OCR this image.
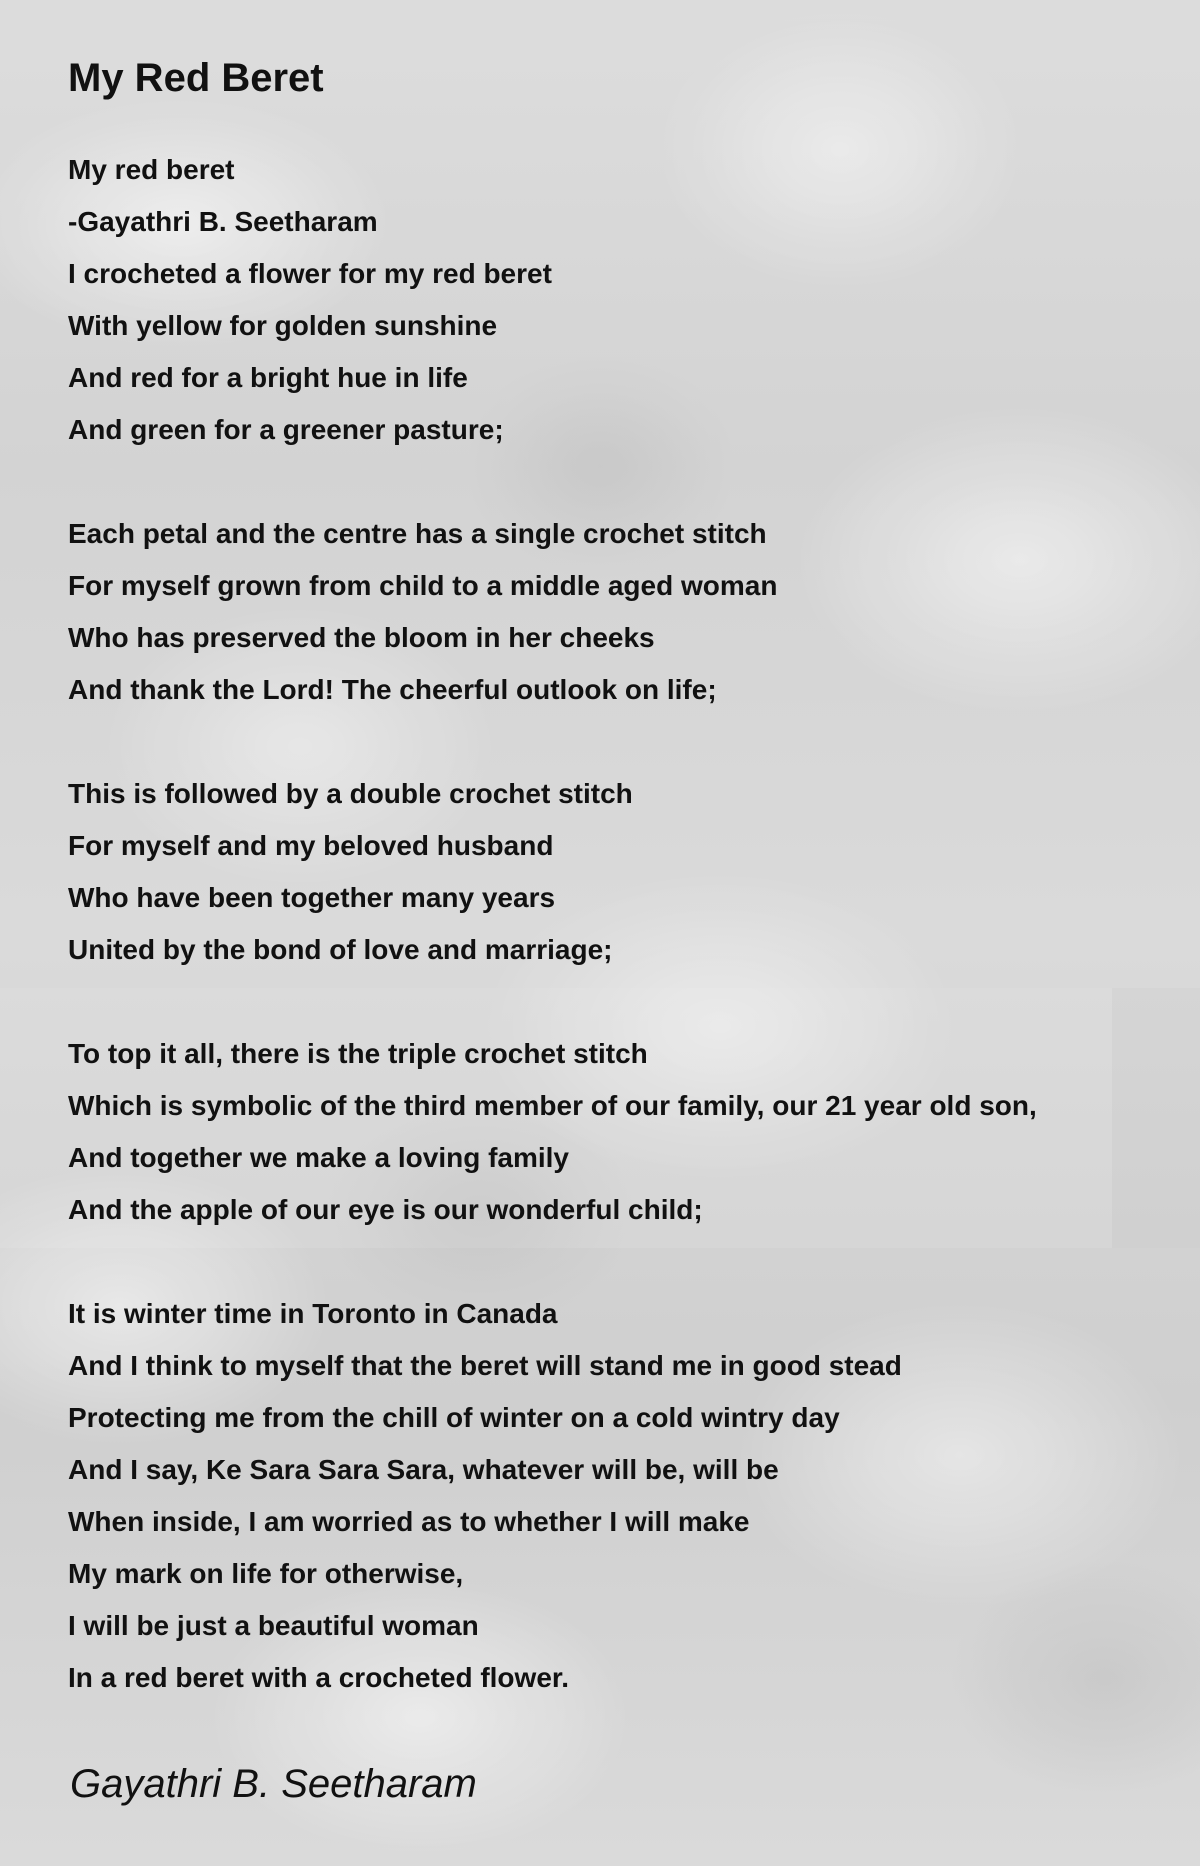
My Red Beret
My red beret
-Gayathri B. Seetharam
I crocheted a flower for my red beret
With yellow for golden sunshine
And red for a bright hue in life
And green for a greener pasture;
Each petal and the centre has a single crochet stitch
For myself grown from child to a middle aged woman
Who has preserved the bloom in her cheeks
And thank the Lord! The cheerful outlook on life;
This is followed by a double crochet stitch
For myself and my beloved husband
Who have been together many years
United by the bond of love and marriage;
To top it all, there is the triple crochet stitch
Which is symbolic of the third member of our family, our 21 year old son,
And together we make a loving family
And the apple of our eye is our wonderful child;
It is winter time in Toronto in Canada
And I think to myself that the beret will stand me in good stead
Protecting me from the chill of winter on a cold wintry day
And I say, Ke Sara Sara Sara, whatever will be, will be
When inside, I am worried as to whether I will make
My mark on life for otherwise,
I will be just a beautiful woman
In a red beret with a crocheted flower.
Gayathri B. Seetharam
